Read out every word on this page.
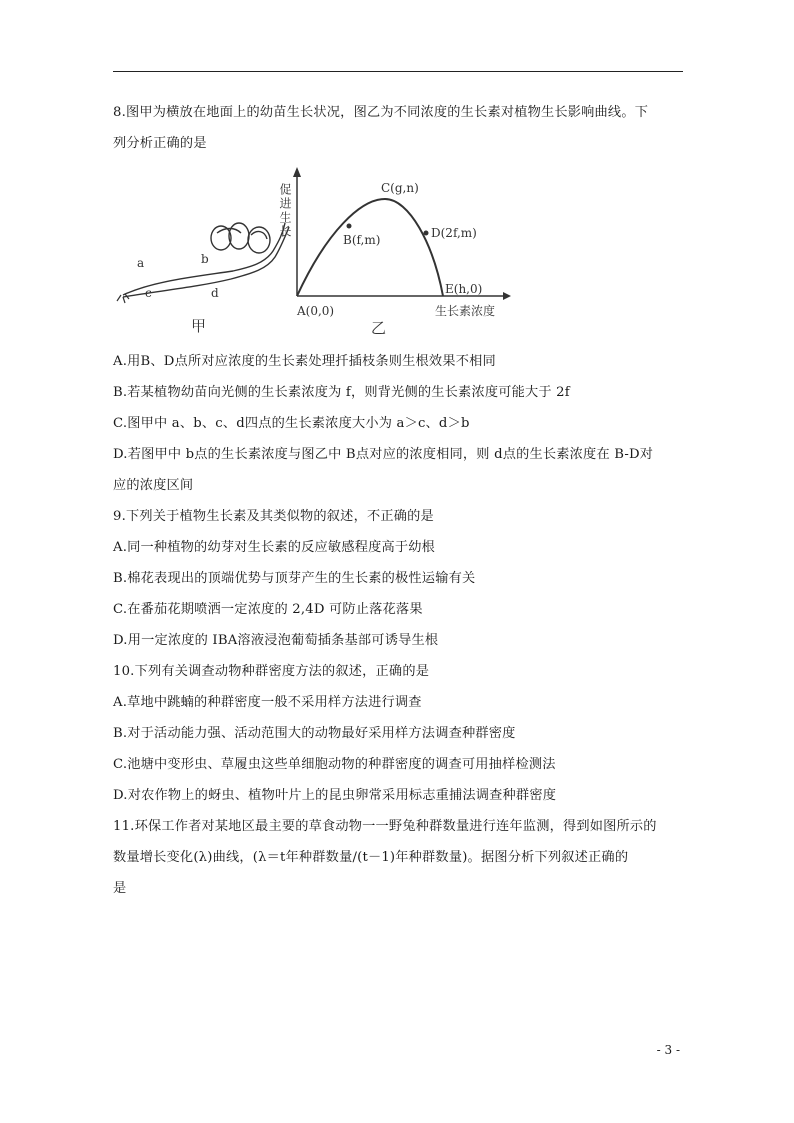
8.图甲为横放在地面上的幼苗生长状况，图乙为不同浓度的生长素对植物生长影响曲线。下
列分析正确的是
a	b
c	d
甲
促进生长	C(g,n)
B(f,m)	D(2f,m)
E(h,0)
A(0,0)	生长素浓度
乙
A.用B、D点所对应浓度的生长素处理扦插枝条则生根效果不相同
B.若某植物幼苗向光侧的生长素浓度为 f，则背光侧的生长素浓度可能大于 2f
C.图甲中 a、b、c、d四点的生长素浓度大小为 a＞c、d＞b
D.若图甲中 b点的生长素浓度与图乙中 B点对应的浓度相同，则 d点的生长素浓度在 B-D对
应的浓度区间
9.下列关于植物生长素及其类似物的叙述，不正确的是
A.同一种植物的幼芽对生长素的反应敏感程度高于幼根
B.棉花表现出的顶端优势与顶芽产生的生长素的极性运输有关
C.在番茄花期喷洒一定浓度的 2,4D 可防止落花落果
D.用一定浓度的 IBA溶液浸泡葡萄插条基部可诱导生根
10.下列有关调查动物种群密度方法的叙述，正确的是
A.草地中跳蝻的种群密度一般不采用样方法进行调查
B.对于活动能力强、活动范围大的动物最好采用样方法调查种群密度
C.池塘中变形虫、草履虫这些单细胞动物的种群密度的调查可用抽样检测法
D.对农作物上的蚜虫、植物叶片上的昆虫卵常采用标志重捕法调查种群密度
11.环保工作者对某地区最主要的草食动物一一野兔种群数量进行连年监测，得到如图所示的
数量增长变化(λ)曲线，(λ＝t年种群数量/(t－1)年种群数量)。据图分析下列叙述正确的
是
- 3 -
